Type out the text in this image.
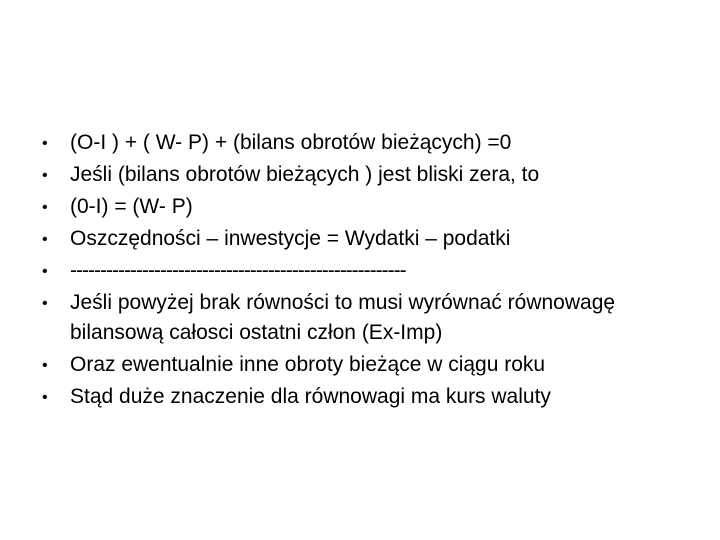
•	(O-I ) + ( W- P) + (bilans obrotów bieżących) =0
•	Jeśli (bilans obrotów bieżących ) jest bliski zera, to
•	(0-I) = (W- P)
•	Oszczędności – inwestycje = Wydatki – podatki
•	--------------------------------------------------------
•	Jeśli powyżej brak równości to musi wyrównać równowagę bilansową całosci ostatni człon (Ex-Imp)
•	Oraz ewentualnie inne obroty bieżące w ciągu roku
•	Stąd duże znaczenie dla równowagi ma kurs waluty
